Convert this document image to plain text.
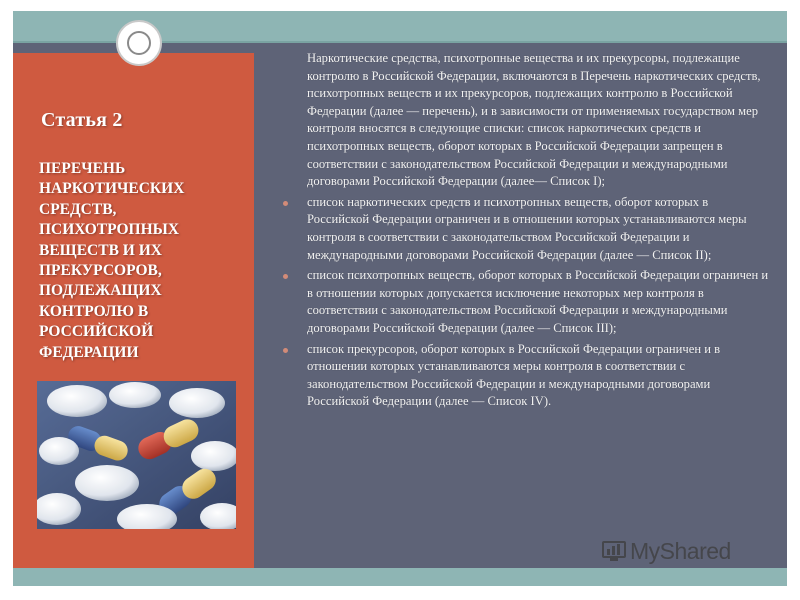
Статья 2
ПЕРЕЧЕНЬ НАРКОТИЧЕСКИХ СРЕДСТВ, ПСИХОТРОПНЫХ ВЕЩЕСТВ И ИХ ПРЕКУРСОРОВ, ПОДЛЕЖАЩИХ КОНТРОЛЮ В РОССИЙСКОЙ ФЕДЕРАЦИИ

Наркотические средства, психотропные вещества и их прекурсоры, подлежащие контролю в Российской Федерации, включаются в Перечень наркотических средств, психотропных веществ и их прекурсоров, подлежащих контролю в Российской Федерации (далее — перечень), и в зависимости от применяемых государством мер контроля вносятся в следующие списки: список наркотических средств и психотропных веществ, оборот которых в Российской Федерации запрещен в соответствии с законодательством Российской Федерации и международными договорами Российской Федерации (далее— Список I);

список наркотических средств и психотропных веществ, оборот которых в Российской Федерации ограничен и в отношении которых устанавливаются меры контроля в соответствии с законодательством Российской Федерации и международными договорами Российской Федерации (далее — Список II);

список психотропных веществ, оборот которых в Российской Федерации ограничен и в отношении которых допускается исключение некоторых мер контроля в соответствии с законодательством Российской Федерации и международными договорами Российской Федерации (далее — Список III);

список прекурсоров, оборот которых в Российской Федерации ограничен и в отношении которых устанавливаются меры контроля в соответствии с законодательством Российской Федерации и международными договорами Российской Федерации (далее — Список IV).

MyShared
